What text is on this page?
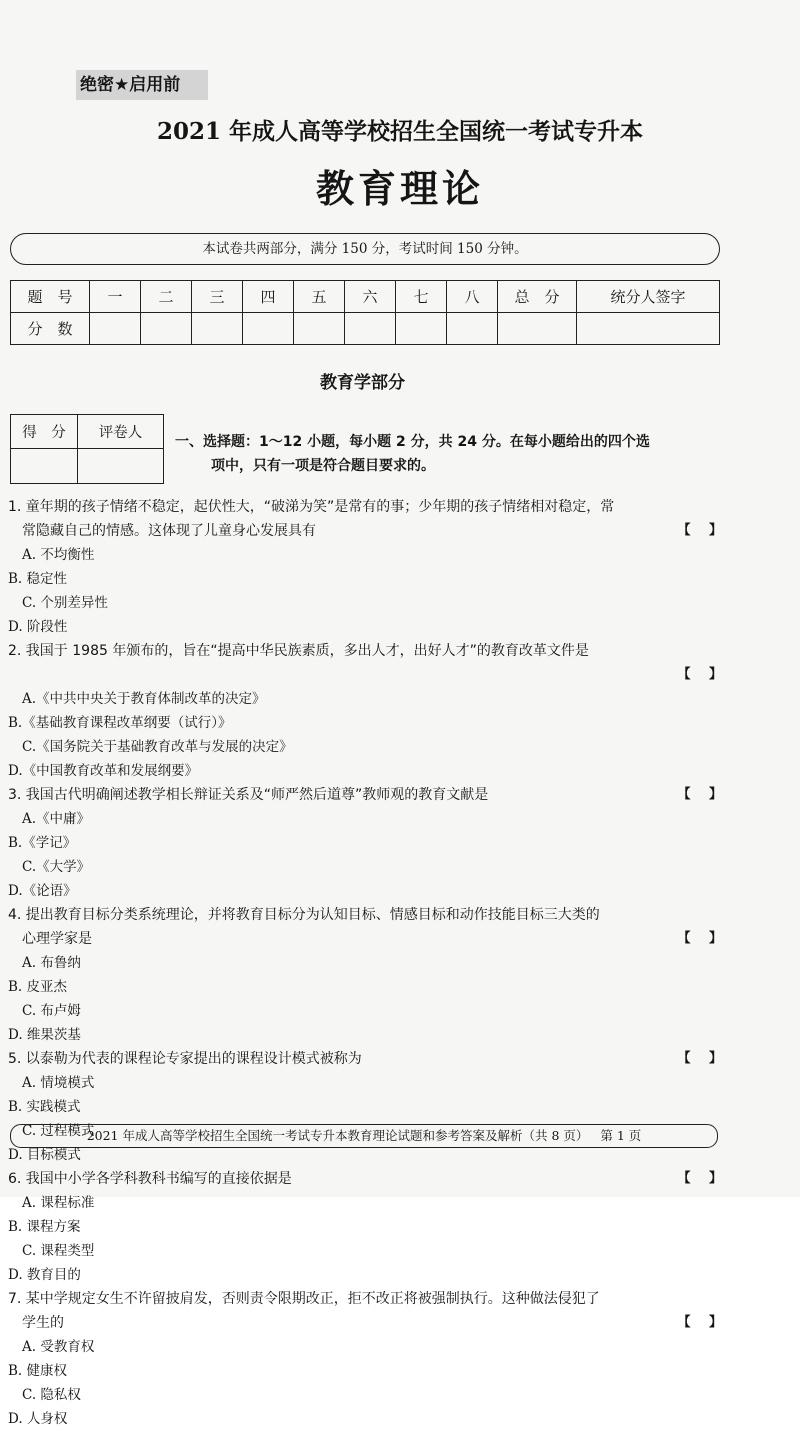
绝密★启用前
2021 年成人高等学校招生全国统一考试专升本
教育理论
本试卷共两部分，满分 150 分，考试时间 150 分钟。
题　号	一	二	三	四	五	六	七	八	总　分	统分人签字
分　数										
教育学部分
得　分	评卷人

一、选择题：1～12 小题，每小题 2 分，共 24 分。在每小题给出的四个选
项中，只有一项是符合题目要求的。
1. 童年期的孩子情绪不稳定，起伏性大，“破涕为笑”是常有的事；少年期的孩子情绪相对稳定，常
常隐藏自己的情感。这体现了儿童身心发展具有	【 】
A. 不均衡性
B. 稳定性
C. 个别差异性
D. 阶段性
2. 我国于 1985 年颁布的，旨在“提高中华民族素质，多出人才，出好人才”的教育改革文件是
【 】
A.《中共中央关于教育体制改革的决定》
B.《基础教育课程改革纲要（试行）》
C.《国务院关于基础教育改革与发展的决定》
D.《中国教育改革和发展纲要》
3. 我国古代明确阐述教学相长辩证关系及“师严然后道尊”教师观的教育文献是	【 】
A.《中庸》
B.《学记》
C.《大学》
D.《论语》
4. 提出教育目标分类系统理论，并将教育目标分为认知目标、情感目标和动作技能目标三大类的
心理学家是	【 】
A. 布鲁纳
B. 皮亚杰
C. 布卢姆
D. 维果茨基
5. 以泰勒为代表的课程论专家提出的课程设计模式被称为	【 】
A. 情境模式
B. 实践模式
C. 过程模式
D. 目标模式
6. 我国中小学各学科教科书编写的直接依据是	【 】
A. 课程标准
B. 课程方案
C. 课程类型
D. 教育目的
7. 某中学规定女生不许留披肩发，否则责令限期改正，拒不改正将被强制执行。这种做法侵犯了
学生的	【 】
A. 受教育权
B. 健康权
C. 隐私权
D. 人身权
2021 年成人高等学校招生全国统一考试专升本教育理论试题和参考答案及解析（共 8 页） 第 1 页
